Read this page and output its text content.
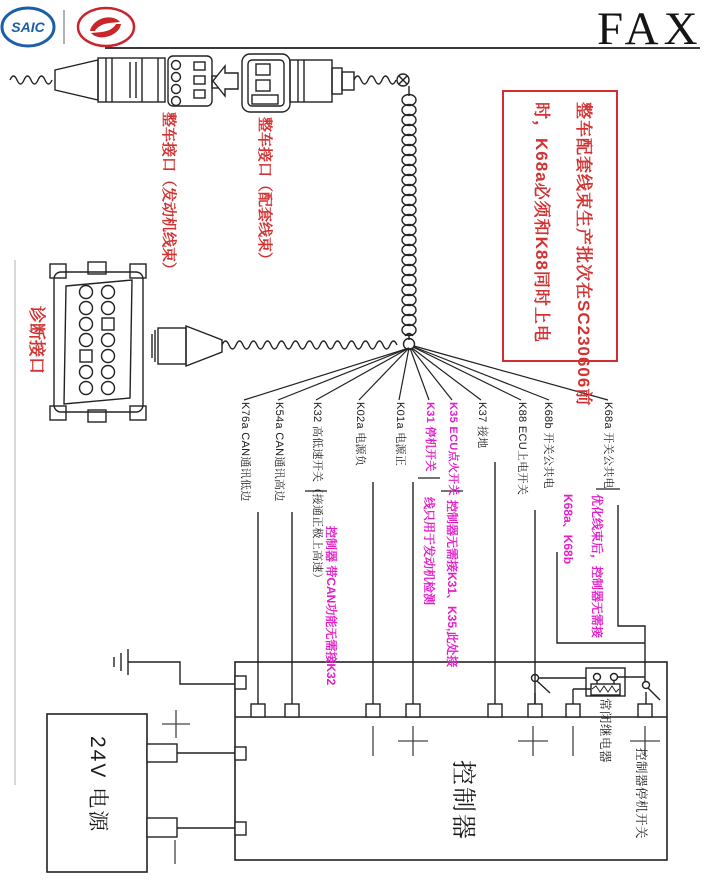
SAIC	FAX
整车配套线束生产批次在SC230606前
时，K68a必须和K88同时上电
整车接口（发动机线束）	整车接口（配套线束）
诊断接口
K76a CAN通讯低边 K54a CAN通讯高边 K32 高低速开关（接通正极上高速）	K02a 电源负	K01a 电源正 K31 停机开关 K35 ECU点火开关 K37 接地	K88 ECU上电开关 K68b 开关公共电	K68a 开关公共电
控制器 带CAN功能无需接K32	控制器无需接K31、K35,此处接
线只用于发动机检测	优化线束后，控制器无需接
K68a、K68b
控制器
常闭继电器
控制器停机开关
24V 电源
